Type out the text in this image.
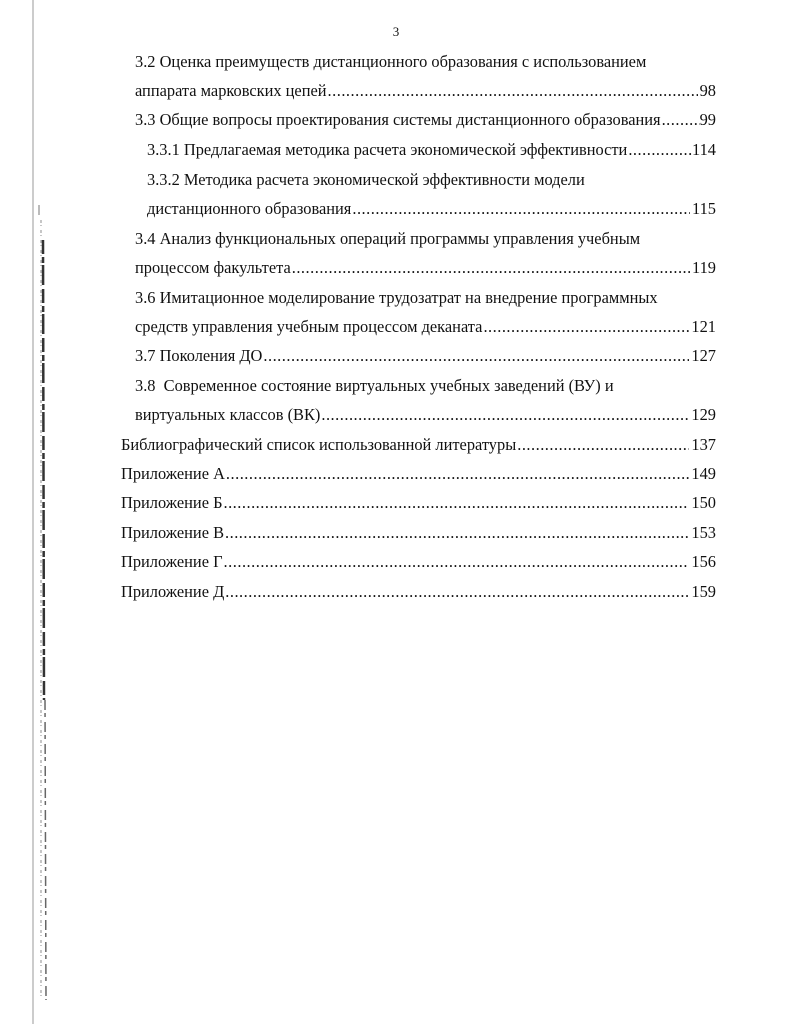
3
3.2 Оценка преимуществ дистанционного образования с использованием
аппарата марковских цепей .....	98
3.3 Общие вопросы проектирования системы дистанционного образования ..... 99
3.3.1 Предлагаемая методика расчета экономической эффективности .....	114
3.3.2 Методика расчета экономической эффективности модели
дистанционного образования .....	115
3.4 Анализ функциональных операций программы управления учебным
процессом факультета .....	119
3.6 Имитационное моделирование трудозатрат на внедрение программных
средств управления учебным процессом деканата .....	121
3.7 Поколения ДО .....	127
3.8  Современное состояние виртуальных учебных заведений (ВУ) и
виртуальных классов (ВК) .....	129
Библиографический список использованной литературы .....	137
Приложение А .....	149
Приложение Б .....	150
Приложение В .....	153
Приложение Г .....	156
Приложение Д .....	159
